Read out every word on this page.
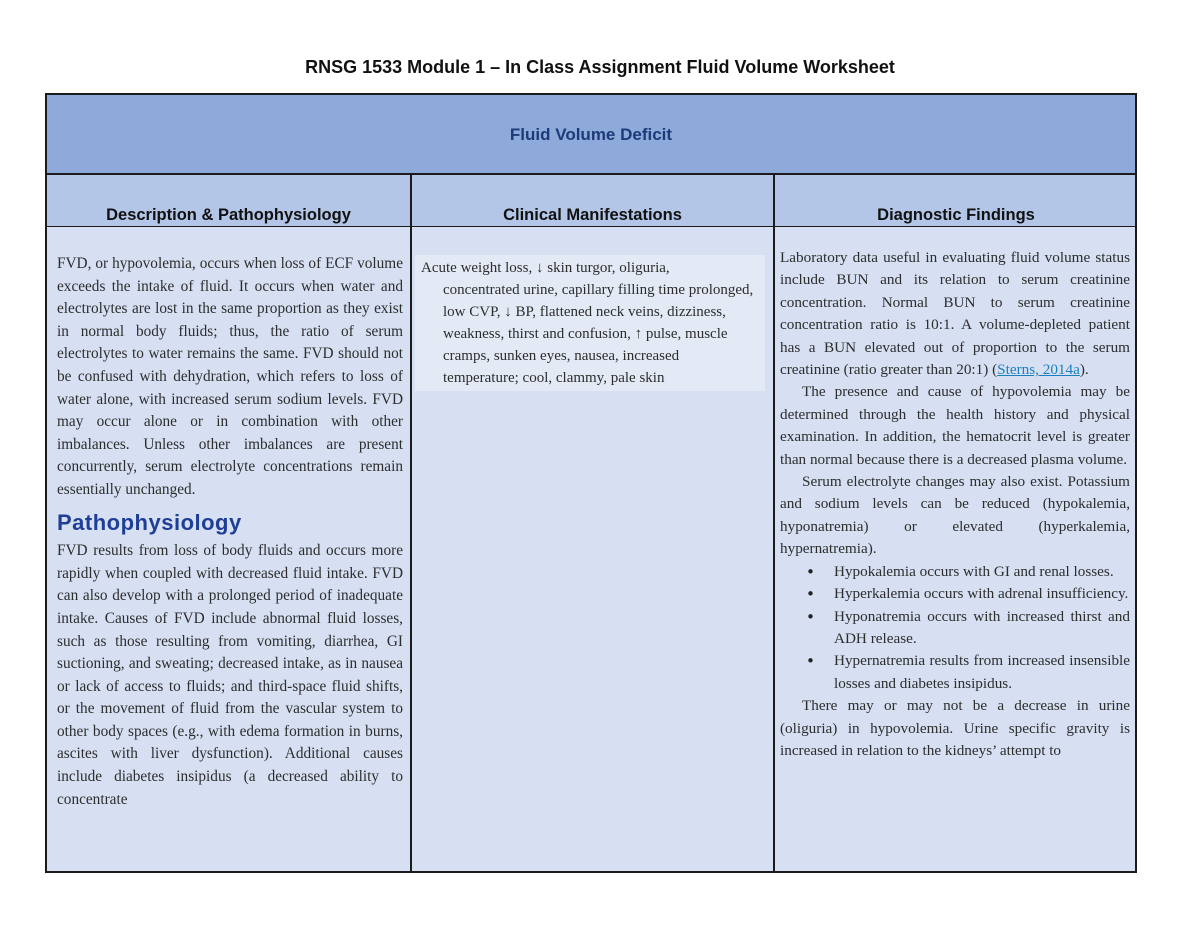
RNSG 1533 Module 1 – In Class Assignment Fluid Volume Worksheet
Fluid Volume Deficit
Description & Pathophysiology	Clinical Manifestations	Diagnostic Findings

FVD, or hypovolemia, occurs when loss of ECF volume exceeds the intake of fluid. It occurs when water and electrolytes are lost in the same proportion as they exist in normal body fluids; thus, the ratio of serum electrolytes to water remains the same. FVD should not be confused with dehydration, which refers to loss of water alone, with increased serum sodium levels. FVD may occur alone or in combination with other imbalances. Unless other imbalances are present concurrently, serum electrolyte concentrations remain essentially unchanged.

Pathophysiology

FVD results from loss of body fluids and occurs more rapidly when coupled with decreased fluid intake. FVD can also develop with a prolonged period of inadequate intake. Causes of FVD include abnormal fluid losses, such as those resulting from vomiting, diarrhea, GI suctioning, and sweating; decreased intake, as in nausea or lack of access to fluids; and third-space fluid shifts, or the movement of fluid from the vascular system to other body spaces (e.g., with edema formation in burns, ascites with liver dysfunction). Additional causes include diabetes insipidus (a decreased ability to concentrate

Acute weight loss, ↓ skin turgor, oliguria,
concentrated urine, capillary filling time prolonged, low CVP, ↓ BP, flattened neck veins, dizziness, weakness, thirst and confusion, ↑ pulse, muscle cramps, sunken eyes, nausea, increased temperature; cool, clammy, pale skin

Laboratory data useful in evaluating fluid volume status include BUN and its relation to serum creatinine concentration. Normal BUN to serum creatinine concentration ratio is 10:1. A volume-depleted patient has a BUN elevated out of proportion to the serum creatinine (ratio greater than 20:1) (Sterns, 2014a).

The presence and cause of hypovolemia may be determined through the health history and physical examination. In addition, the hematocrit level is greater than normal because there is a decreased plasma volume.

Serum electrolyte changes may also exist. Potassium and sodium levels can be reduced (hypokalemia, hyponatremia) or elevated (hyperkalemia, hypernatremia).

• Hypokalemia occurs with GI and renal losses.
• Hyperkalemia occurs with adrenal insufficiency.
• Hyponatremia occurs with increased thirst and ADH release.
• Hypernatremia results from increased insensible losses and diabetes insipidus.

There may or may not be a decrease in urine (oliguria) in hypovolemia. Urine specific gravity is increased in relation to the kidneys’ attempt to
